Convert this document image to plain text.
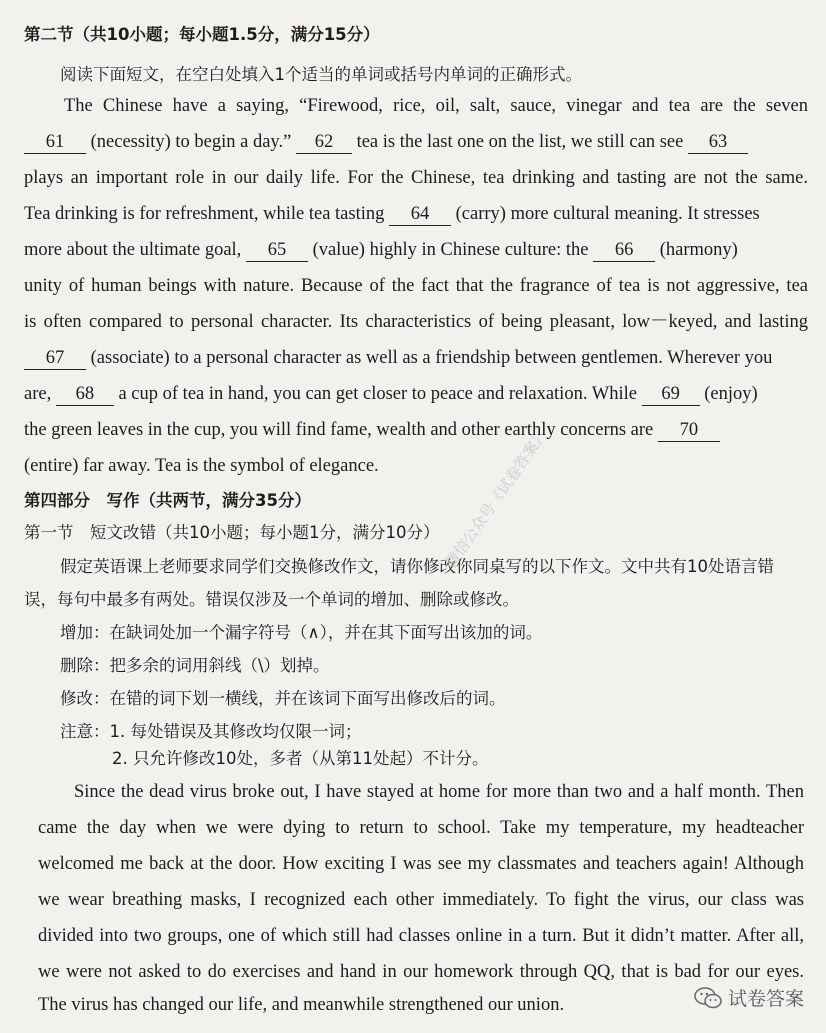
第二节（共10小题；每小题1.5分，满分15分）
阅读下面短文，在空白处填入1个适当的单词或括号内单词的正确形式。
The Chinese have a saying, “Firewood, rice, oil, salt, sauce, vinegar and tea are the seven
61 (necessity) to begin a day.” 62 tea is the last one on the list, we still can see 63
plays an important role in our daily life. For the Chinese, tea drinking and tasting are not the same.
Tea drinking is for refreshment, while tea tasting 64 (carry) more cultural meaning. It stresses
more about the ultimate goal, 65 (value) highly in Chinese culture: the 66 (harmony)
unity of human beings with nature. Because of the fact that the fragrance of tea is not aggressive, tea
is often compared to personal character. Its characteristics of being pleasant, low－keyed, and lasting
67 (associate) to a personal character as well as a friendship between gentlemen. Wherever you
are, 68 a cup of tea in hand, you can get closer to peace and relaxation. While 69 (enjoy)
the green leaves in the cup, you will find fame, wealth and other earthly concerns are 70
(entire) far away. Tea is the symbol of elegance.
第四部分　写作（共两节，满分35分）
第一节　短文改错（共10小题；每小题1分，满分10分）
假定英语课上老师要求同学们交换修改作文，请你修改你同桌写的以下作文。文中共有10处语言错
误，每句中最多有两处。错误仅涉及一个单词的增加、删除或修改。
增加：在缺词处加一个漏字符号（∧），并在其下面写出该加的词。
删除：把多余的词用斜线（\）划掉。
修改：在错的词下划一横线，并在该词下面写出修改后的词。
注意：1. 每处错误及其修改均仅限一词；
2. 只允许修改10处，多者（从第11处起）不计分。
Since the dead virus broke out, I have stayed at home for more than two and a half month. Then
came the day when we were dying to return to school. Take my temperature, my headteacher
welcomed me back at the door. How exciting I was see my classmates and teachers again! Although
we wear breathing masks, I recognized each other immediately. To fight the virus, our class was
divided into two groups, one of which still had classes online in a turn. But it didn’t matter. After all,
we were not asked to do exercises and hand in our homework through QQ, that is bad for our eyes.
The virus has changed our life, and meanwhile strengthened our union.
微信公众号《试卷答案》
试卷答案
